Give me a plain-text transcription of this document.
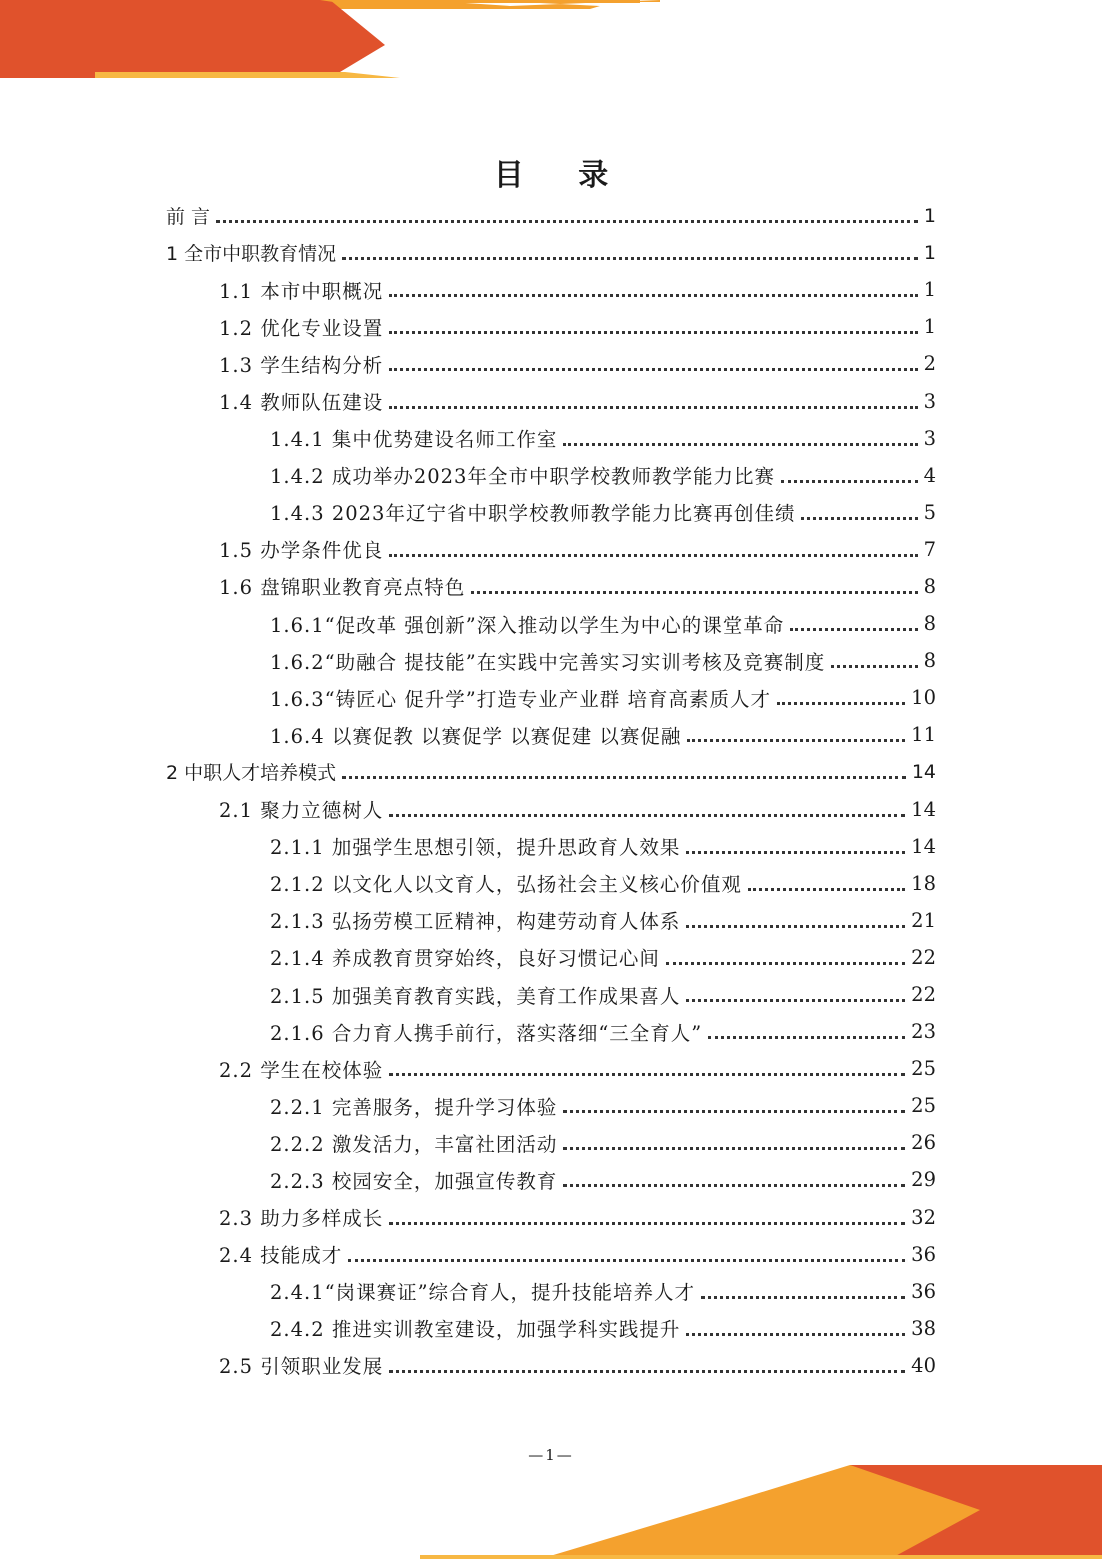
目 录
前 言	1
1 全市中职教育情况	1
1.1 本市中职概况	1
1.2 优化专业设置	1
1.3 学生结构分析	2
1.4 教师队伍建设	3
1.4.1 集中优势建设名师工作室	3
1.4.2 成功举办2023年全市中职学校教师教学能力比赛	4
1.4.3 2023年辽宁省中职学校教师教学能力比赛再创佳绩	5
1.5 办学条件优良	7
1.6 盘锦职业教育亮点特色	8
1.6.1“促改革 强创新”深入推动以学生为中心的课堂革命	8
1.6.2“助融合 提技能”在实践中完善实习实训考核及竞赛制度	8
1.6.3“铸匠心 促升学”打造专业产业群 培育高素质人才	10
1.6.4 以赛促教 以赛促学 以赛促建 以赛促融	11
2 中职人才培养模式	14
2.1 聚力立德树人	14
2.1.1 加强学生思想引领，提升思政育人效果	14
2.1.2 以文化人以文育人，弘扬社会主义核心价值观	18
2.1.3 弘扬劳模工匠精神，构建劳动育人体系	21
2.1.4 养成教育贯穿始终，良好习惯记心间	22
2.1.5 加强美育教育实践，美育工作成果喜人	22
2.1.6 合力育人携手前行，落实落细“三全育人”	23
2.2 学生在校体验	25
2.2.1 完善服务，提升学习体验	25
2.2.2 激发活力，丰富社团活动	26
2.2.3 校园安全，加强宣传教育	29
2.3 助力多样成长	32
2.4 技能成才	36
2.4.1“岗课赛证”综合育人，提升技能培养人才	36
2.4.2 推进实训教室建设，加强学科实践提升	38
2.5 引领职业发展	40
—1—
